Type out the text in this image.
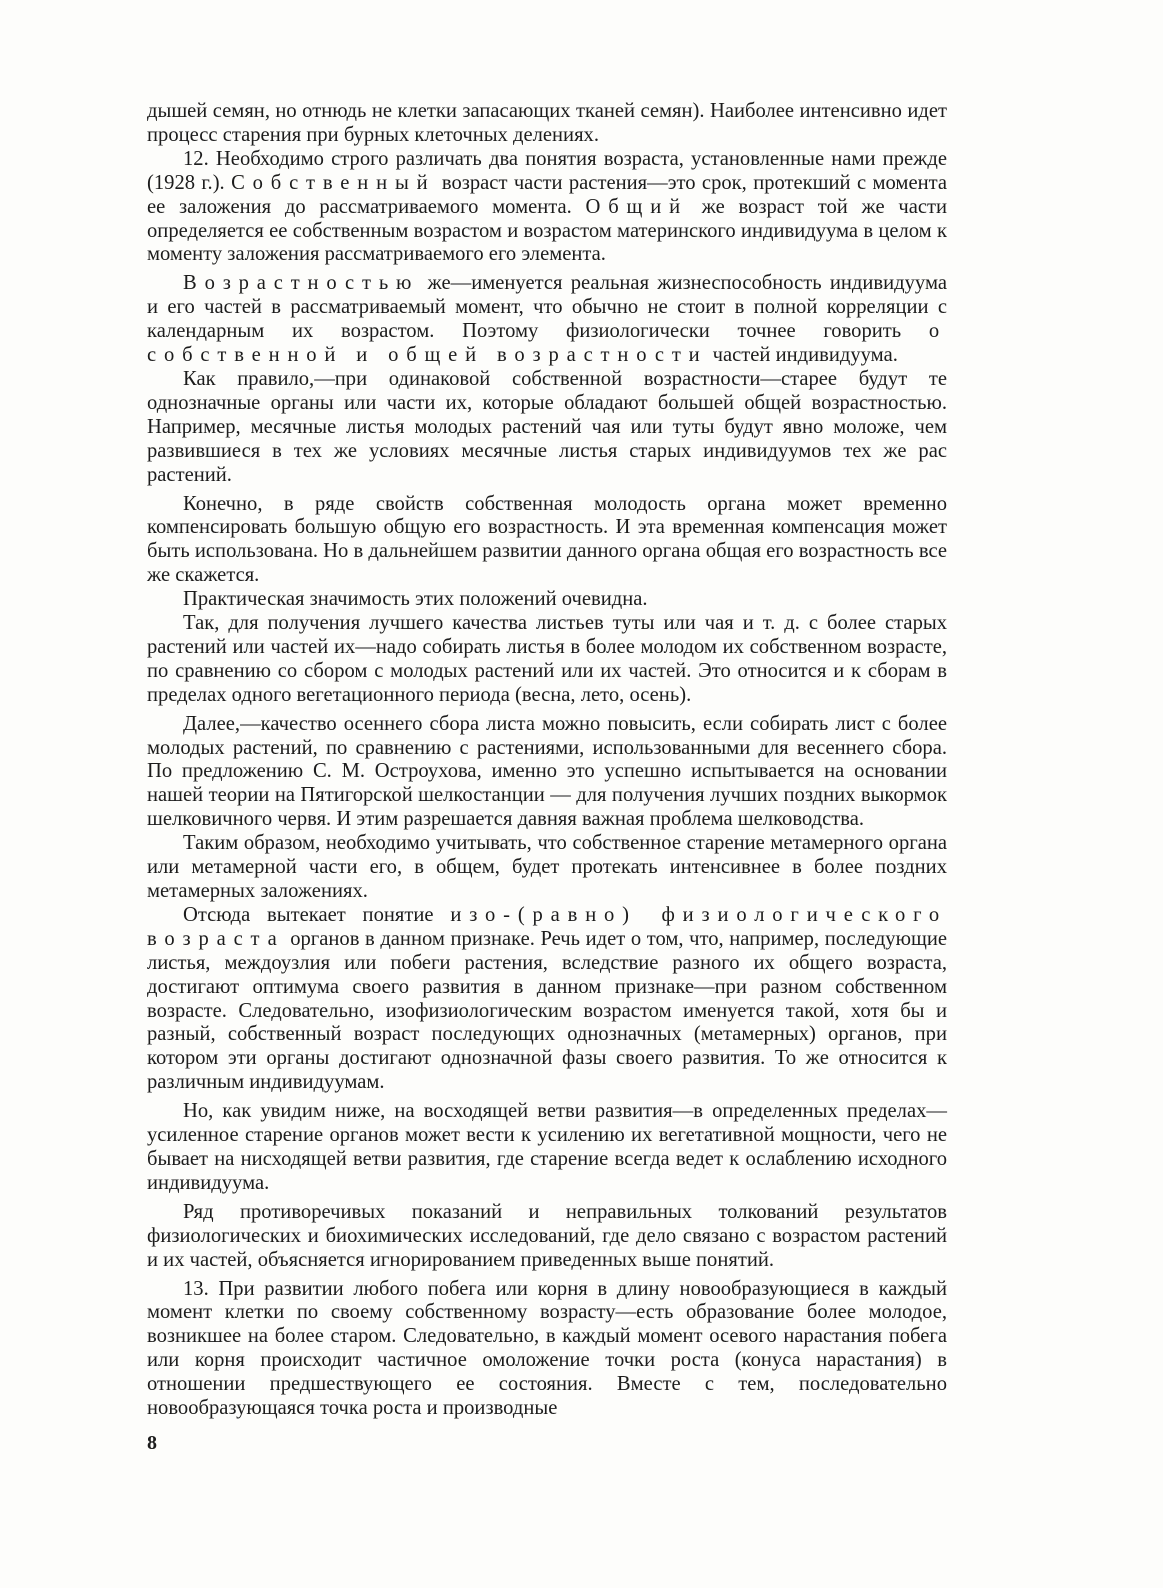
дышей семян, но отнюдь не клетки запасающих тканей семян). Наиболее интенсивно идет процесс старения при бурных клеточных делениях.

12. Необходимо строго различать два понятия возраста, установленные нами прежде (1928 г.). Собственный возраст части растения—это срок, протекший с момента ее заложения до рассматриваемого момента. Общий же возраст той же части определяется ее собственным возрастом и возрастом материнского индивидуума в целом к моменту заложения рассматриваемого его элемента.

Возрастностью же—именуется реальная жизнеспособность индивидуума и его частей в рассматриваемый момент, что обычно не стоит в полной корреляции с календарным их возрастом. Поэтому физиологически точнее говорить о собственной и общей возрастности частей индивидуума.

Как правило,—при одинаковой собственной возрастности—старее будут те однозначные органы или части их, которые обладают большей общей возрастностью. Например, месячные листья молодых растений чая или туты будут явно моложе, чем развившиеся в тех же условиях месячные листья старых индивидуумов тех же рас растений.

Конечно, в ряде свойств собственная молодость органа может временно компенсировать большую общую его возрастность. И эта временная компенсация может быть использована. Но в дальнейшем развитии данного органа общая его возрастность все же скажется.

Практическая значимость этих положений очевидна.

Так, для получения лучшего качества листьев туты или чая и т. д. с более старых растений или частей их—надо собирать листья в более молодом их собственном возрасте, по сравнению со сбором с молодых растений или их частей. Это относится и к сборам в пределах одного вегетационного периода (весна, лето, осень).

Далее,—качество осеннего сбора листа можно повысить, если собирать лист с более молодых растений, по сравнению с растениями, использованными для весеннего сбора. По предложению С. М. Остроухова, именно это успешно испытывается на основании нашей теории на Пятигорской шелкостанции — для получения лучших поздних выкормок шелковичного червя. И этим разрешается давняя важная проблема шелководства.

Таким образом, необходимо учитывать, что собственное старение метамерного органа или метамерной части его, в общем, будет протекать интенсивнее в более поздних метамерных заложениях.

Отсюда вытекает понятие изо-(равно) физиологического возраста органов в данном признаке. Речь идет о том, что, например, последующие листья, междоузлия или побеги растения, вследствие разного их общего возраста, достигают оптимума своего развития в данном признаке—при разном собственном возрасте. Следовательно, изофизиологическим возрастом именуется такой, хотя бы и разный, собственный возраст последующих однозначных (метамерных) органов, при котором эти органы достигают однозначной фазы своего развития. То же относится к различным индивидуумам.

Но, как увидим ниже, на восходящей ветви развития—в определенных пределах—усиленное старение органов может вести к усилению их вегетативной мощности, чего не бывает на нисходящей ветви развития, где старение всегда ведет к ослаблению исходного индивидуума.

Ряд противоречивых показаний и неправильных толкований результатов физиологических и биохимических исследований, где дело связано с возрастом растений и их частей, объясняется игнорированием приведенных выше понятий.

13. При развитии любого побега или корня в длину новообразующиеся в каждый момент клетки по своему собственному возрасту—есть образование более молодое, возникшее на более старом. Следовательно, в каждый момент осевого нарастания побега или корня происходит частичное омоложение точки роста (конуса нарастания) в отношении предшествующего ее состояния. Вместе с тем, последовательно новообразующаяся точка роста и производные

8
